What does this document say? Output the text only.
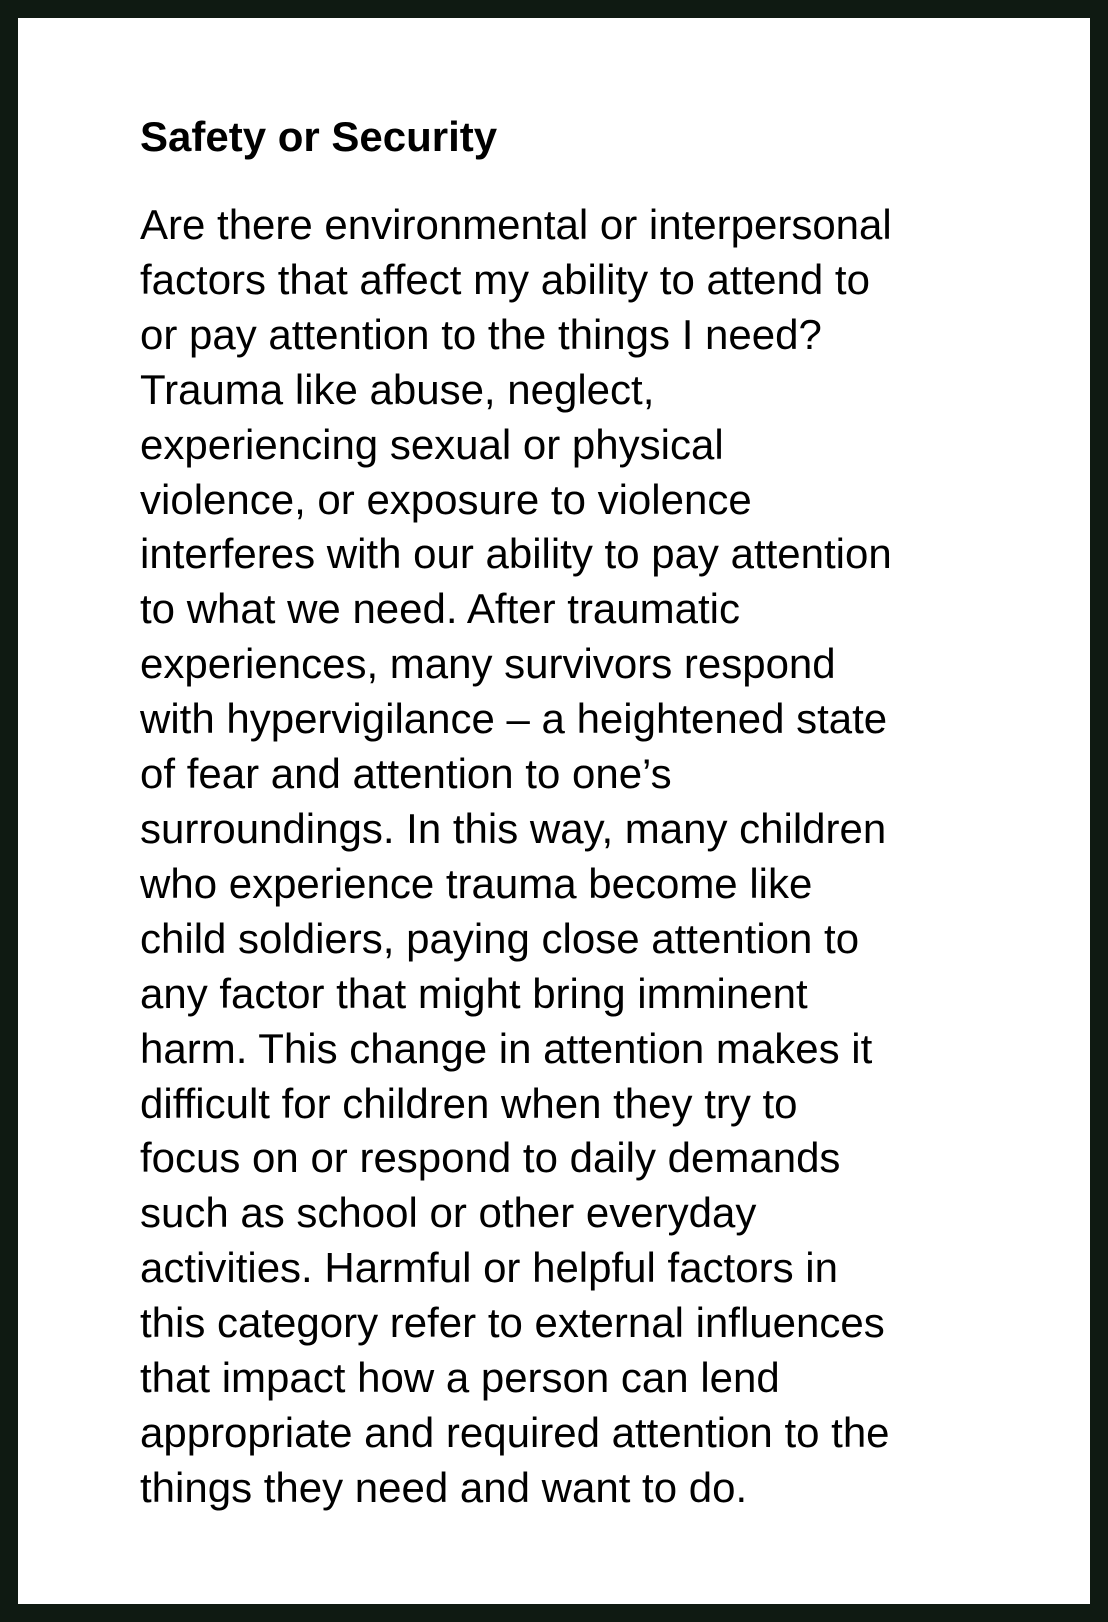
Safety or Security

Are there environmental or interpersonal
factors that affect my ability to attend to
or pay attention to the things I need?
Trauma like abuse, neglect,
experiencing sexual or physical
violence, or exposure to violence
interferes with our ability to pay attention
to what we need. After traumatic
experiences, many survivors respond
with hypervigilance – a heightened state
of fear and attention to one’s
surroundings. In this way, many children
who experience trauma become like
child soldiers, paying close attention to
any factor that might bring imminent
harm. This change in attention makes it
difficult for children when they try to
focus on or respond to daily demands
such as school or other everyday
activities. Harmful or helpful factors in
this category refer to external influences
that impact how a person can lend
appropriate and required attention to the
things they need and want to do.
